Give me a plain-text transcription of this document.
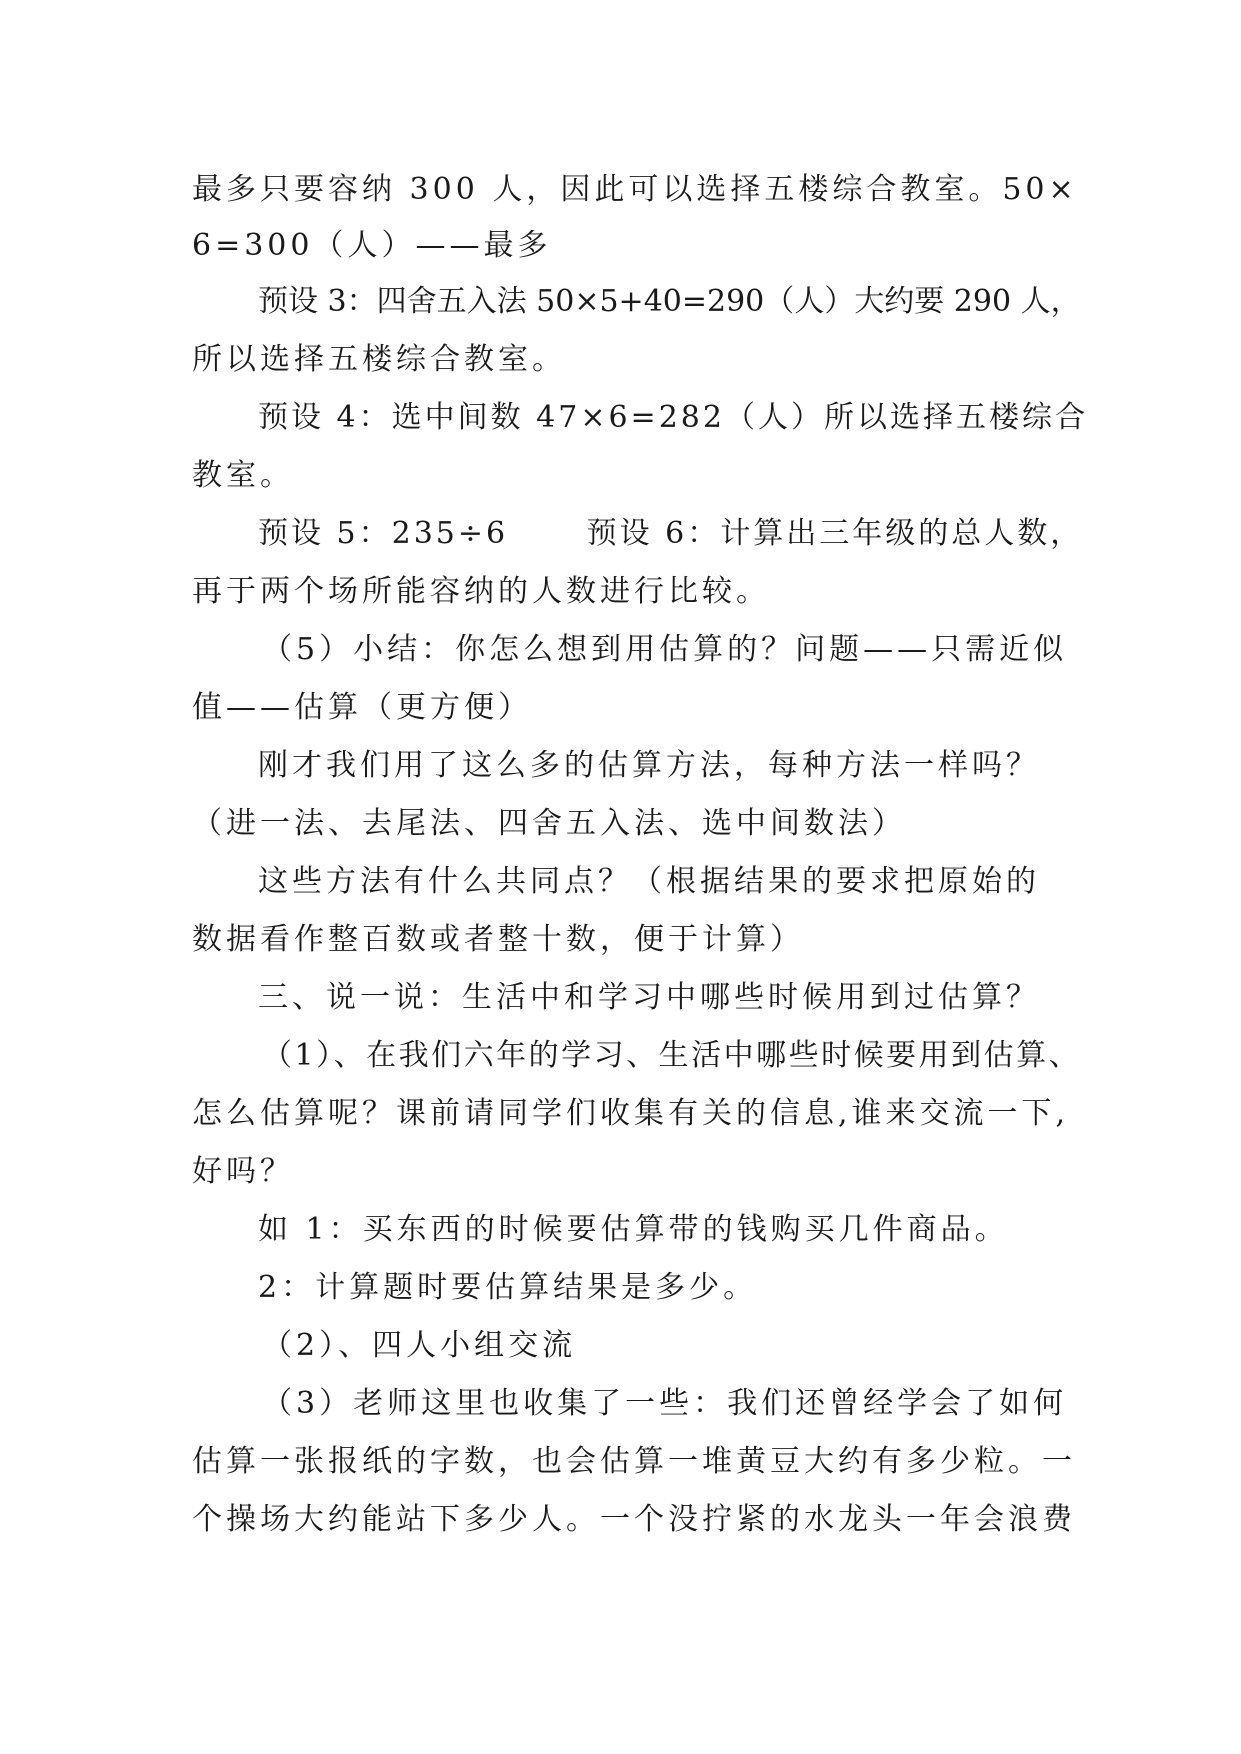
最多只要容纳 300 人，因此可以选择五楼综合教室。50×
6=300（人）——最多
预设 3：四舍五入法 50×5+40=290（人）大约要 290 人，
所以选择五楼综合教室。
预设 4：选中间数 47×6=282（人）所以选择五楼综合
教室。
预设 5：235÷6　　 预设 6：计算出三年级的总人数，
再于两个场所能容纳的人数进行比较。
（5）小结：你怎么想到用估算的？问题——只需近似
值——估算（更方便）
刚才我们用了这么多的估算方法，每种方法一样吗？
（进一法、去尾法、四舍五入法、选中间数法）
这些方法有什么共同点？（根据结果的要求把原始的
数据看作整百数或者整十数，便于计算）
三、说一说：生活中和学习中哪些时候用到过估算？
（1）、在我们六年的学习、生活中哪些时候要用到估算、
怎么估算呢？课前请同学们收集有关的信息,谁来交流一下,
好吗？
如 1：买东西的时候要估算带的钱购买几件商品。
2：计算题时要估算结果是多少。
（2）、四人小组交流
（3）老师这里也收集了一些：我们还曾经学会了如何
估算一张报纸的字数，也会估算一堆黄豆大约有多少粒。一
个操场大约能站下多少人。一个没拧紧的水龙头一年会浪费
